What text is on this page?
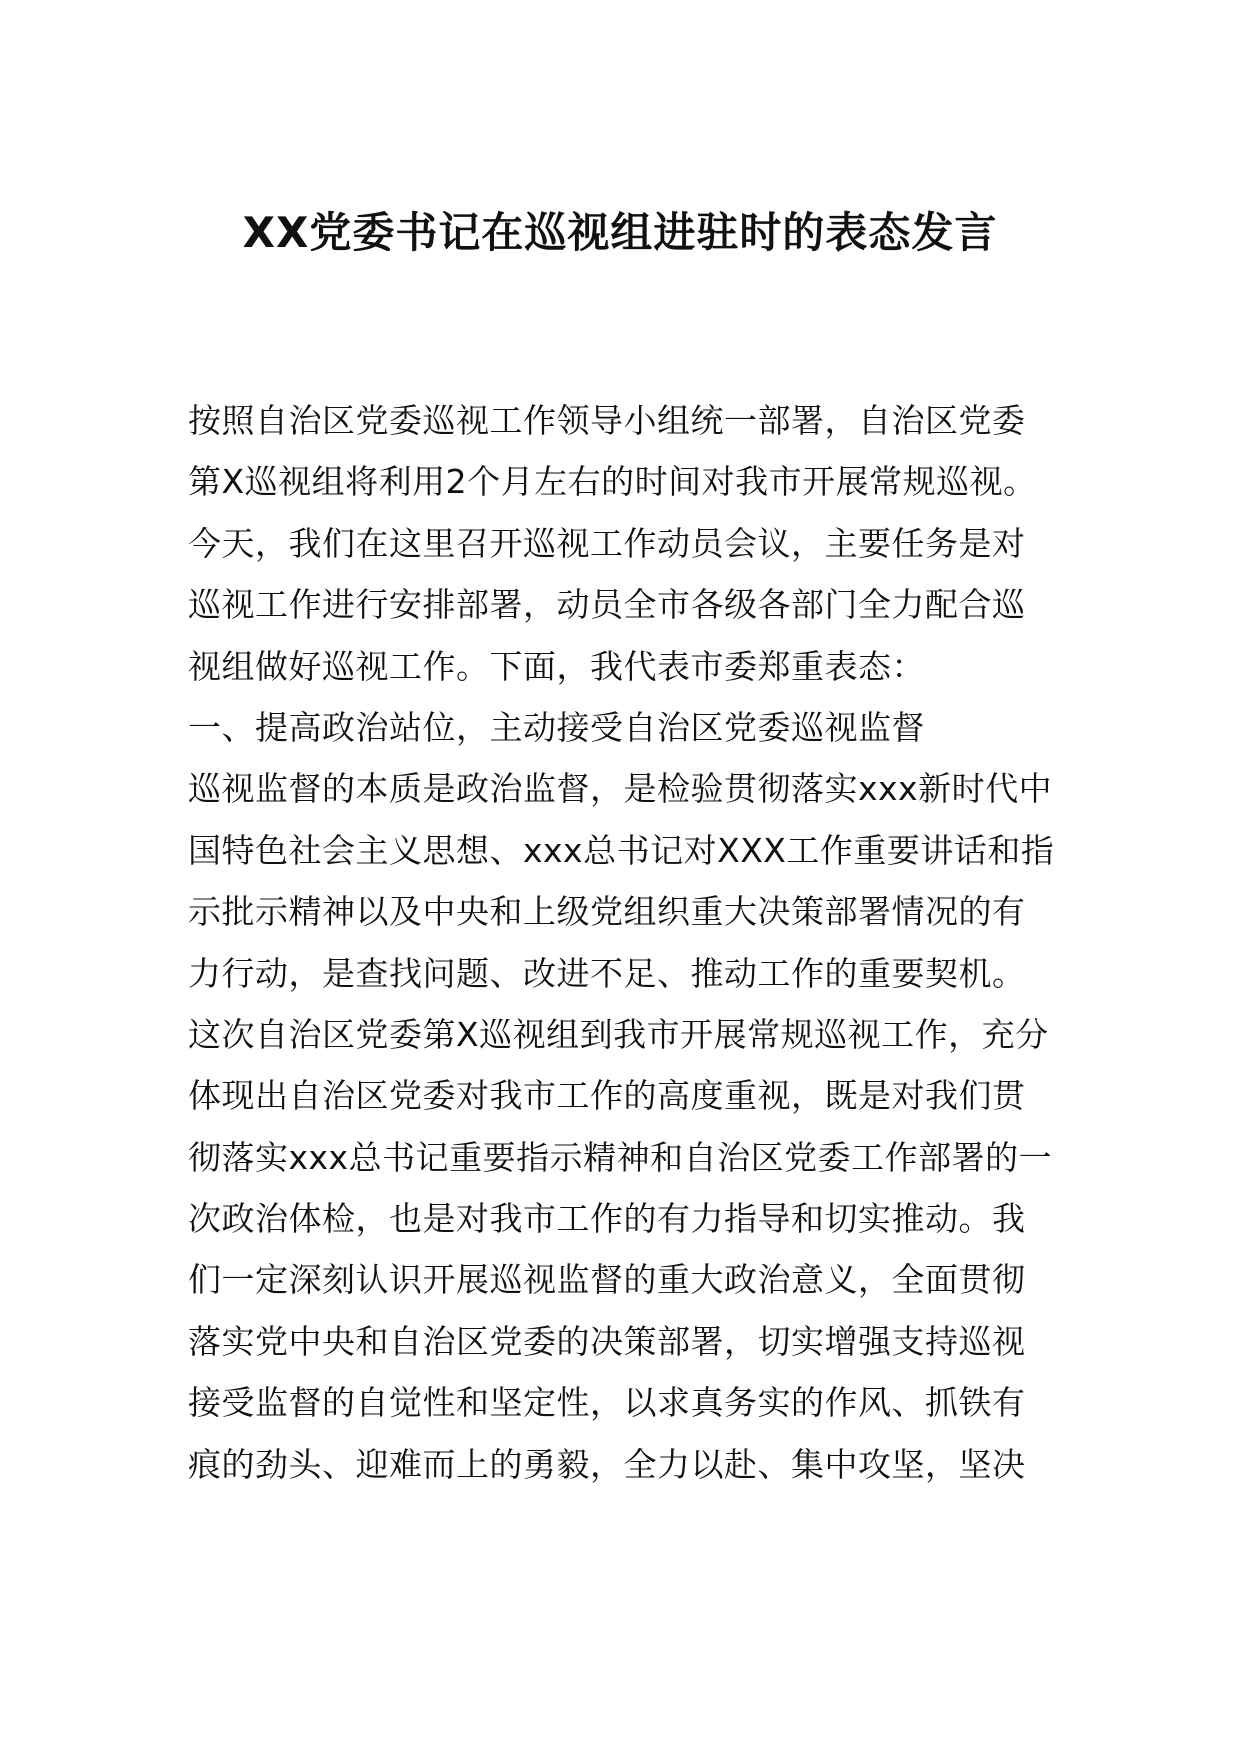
XX党委书记在巡视组进驻时的表态发言
按照自治区党委巡视工作领导小组统一部署，自治区党委
第X巡视组将利用2个月左右的时间对我市开展常规巡视。
今天，我们在这里召开巡视工作动员会议，主要任务是对
巡视工作进行安排部署，动员全市各级各部门全力配合巡
视组做好巡视工作。下面，我代表市委郑重表态：
一、提高政治站位，主动接受自治区党委巡视监督
巡视监督的本质是政治监督，是检验贯彻落实xxx新时代中
国特色社会主义思想、xxx总书记对XXX工作重要讲话和指
示批示精神以及中央和上级党组织重大决策部署情况的有
力行动，是查找问题、改进不足、推动工作的重要契机。
这次自治区党委第X巡视组到我市开展常规巡视工作，充分
体现出自治区党委对我市工作的高度重视，既是对我们贯
彻落实xxx总书记重要指示精神和自治区党委工作部署的一
次政治体检，也是对我市工作的有力指导和切实推动。我
们一定深刻认识开展巡视监督的重大政治意义，全面贯彻
落实党中央和自治区党委的决策部署，切实增强支持巡视
接受监督的自觉性和坚定性，以求真务实的作风、抓铁有
痕的劲头、迎难而上的勇毅，全力以赴、集中攻坚，坚决
